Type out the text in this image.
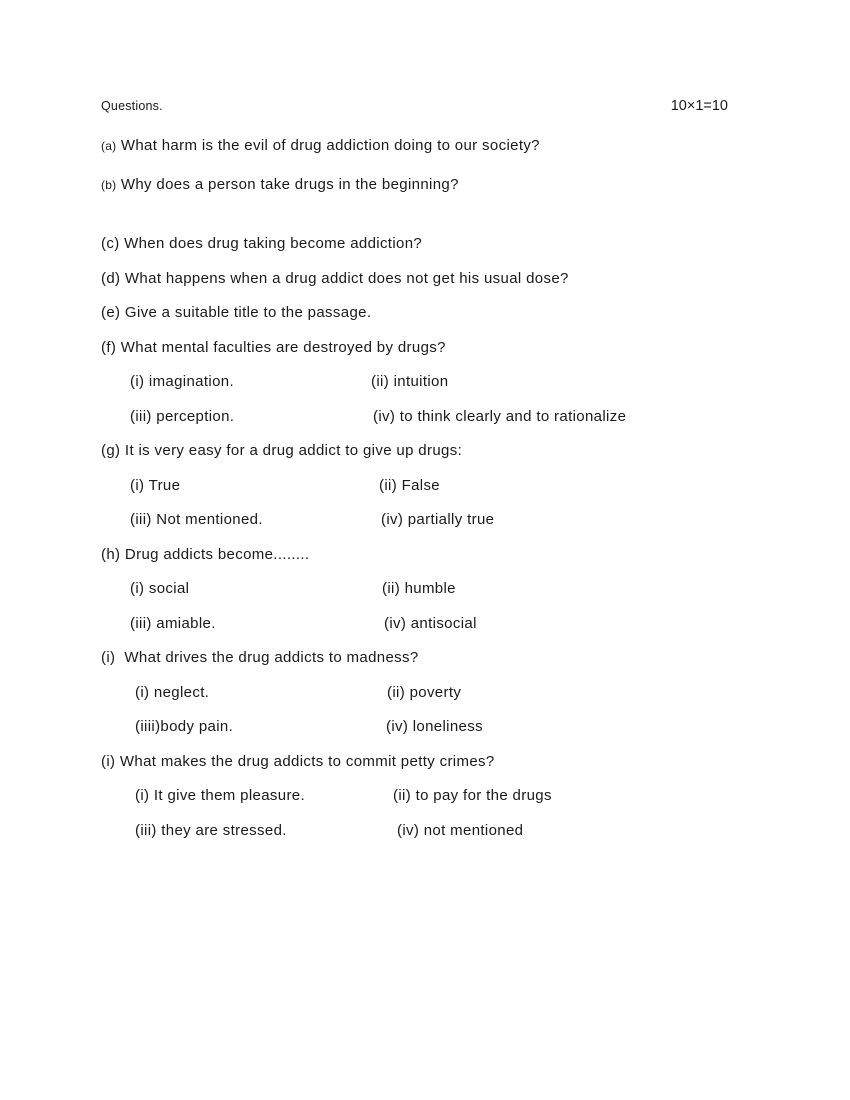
Questions.	10×1=10
(a) What harm is the evil of drug addiction doing to our society?
(b) Why does a person take drugs in the beginning?
(c) When does drug taking become addiction?
(d) What happens when a drug addict does not get his usual dose?
(e) Give a suitable title to the passage.
(f) What mental faculties are destroyed by drugs?
(i) imagination.	(ii) intuition
(iii) perception.	(iv) to think clearly and to rationalize
(g) It is very easy for a drug addict to give up drugs:
(i) True	(ii) False
(iii) Not mentioned.	(iv) partially true
(h) Drug addicts become........
(i) social	(ii) humble
(iii) amiable.	(iv) antisocial
(i) What drives the drug addicts to madness?
(i) neglect.	(ii) poverty
(iiii)body pain.	(iv) loneliness
(i) What makes the drug addicts to commit petty crimes?
(i) It give them pleasure.	(ii) to pay for the drugs
(iii) they are stressed.	(iv) not mentioned
